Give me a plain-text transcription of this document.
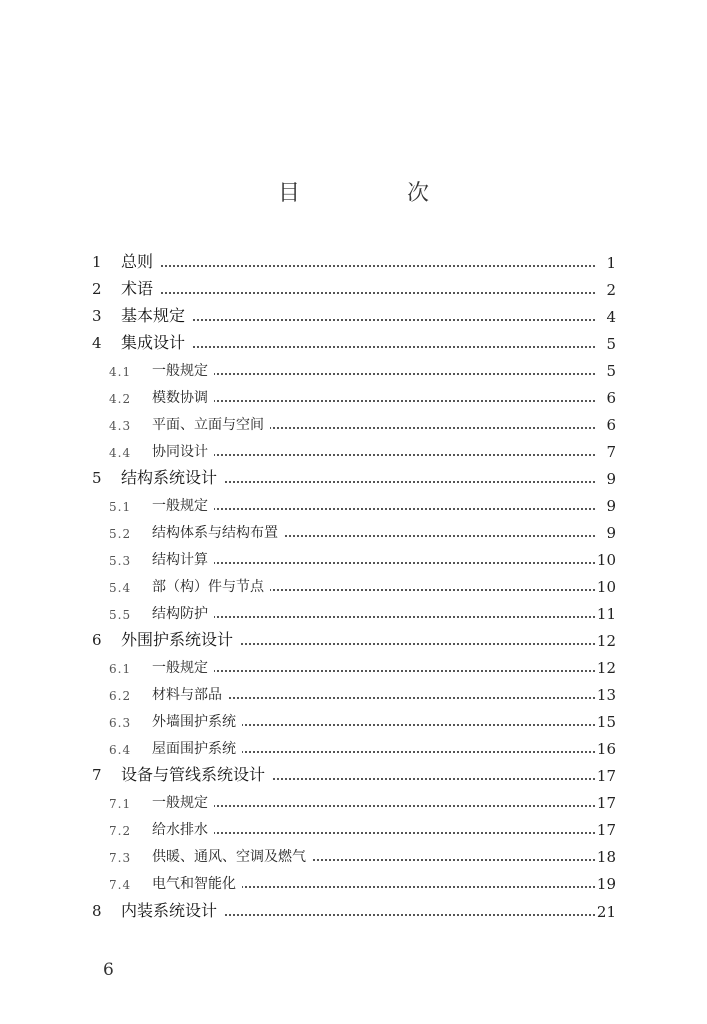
目 次
1 总则	1
2 术语	2
3 基本规定	4
4 集成设计	5
4.1 一般规定	5
4.2 模数协调	6
4.3 平面、立面与空间	6
4.4 协同设计	7
5 结构系统设计	9
5.1 一般规定	9
5.2 结构体系与结构布置	9
5.3 结构计算	10
5.4 部（构）件与节点	10
5.5 结构防护	11
6 外围护系统设计	12
6.1 一般规定	12
6.2 材料与部品	13
6.3 外墙围护系统	15
6.4 屋面围护系统	16
7 设备与管线系统设计	17
7.1 一般规定	17
7.2 给水排水	17
7.3 供暖、通风、空调及燃气	18
7.4 电气和智能化	19
8 内装系统设计	21
6
